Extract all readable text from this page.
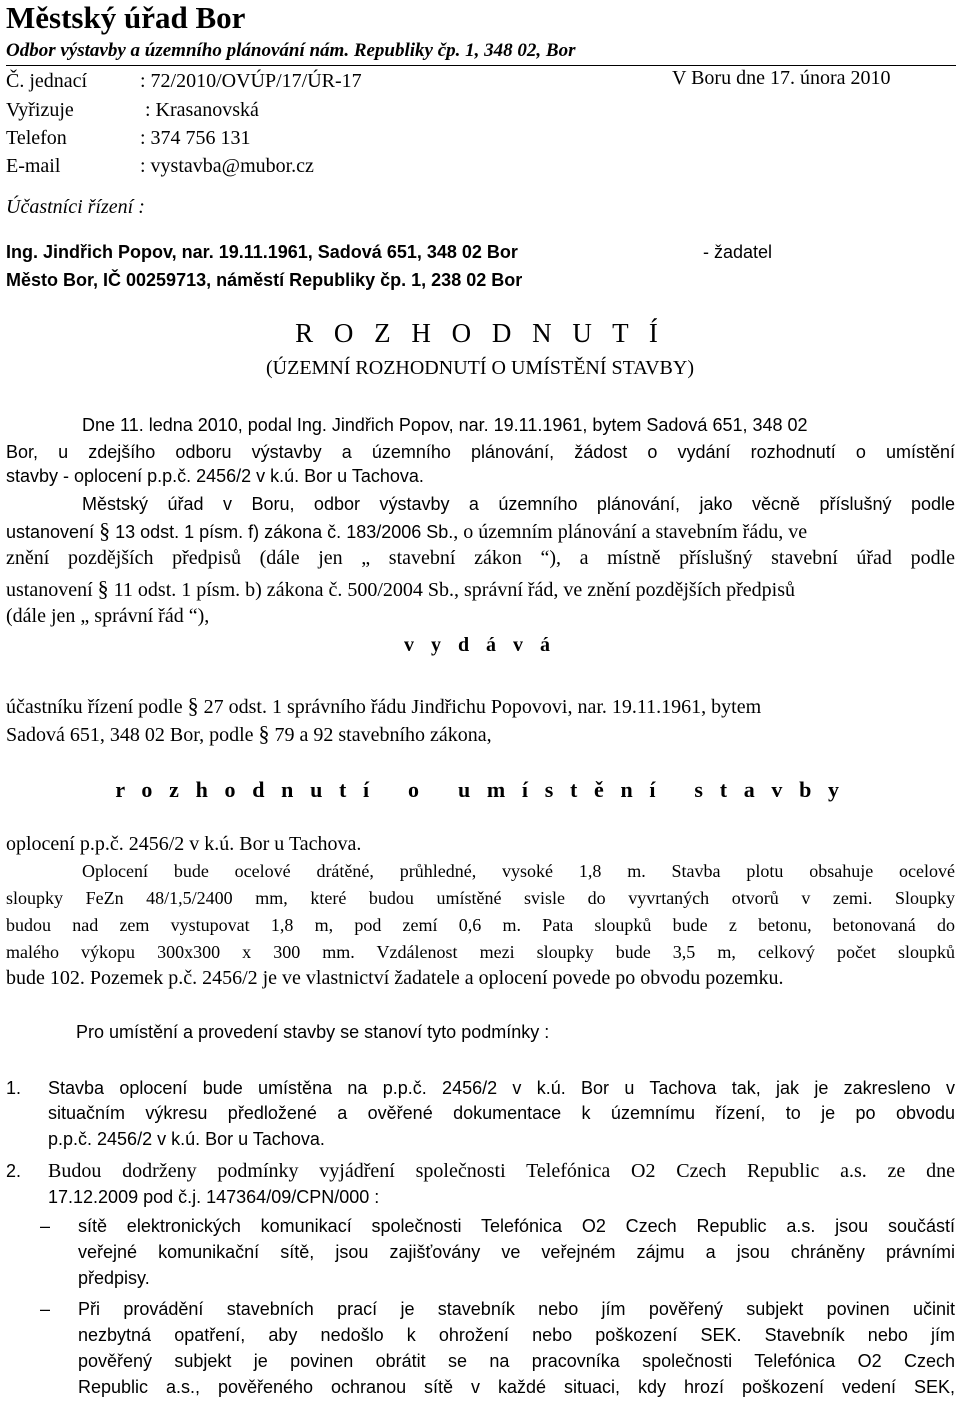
Městský úřad Bor
Odbor výstavby a územního plánování nám. Republiky čp. 1, 348 02, Bor
Č. jednací	: 72/2010/OVÚP/17/ÚR-17
Vyřizuje	: Krasanovská
Telefon	: 374 756 131
E-mail	: vystavba@mubor.cz
V Boru dne 17. února 2010
Účastníci řízení :
Ing. Jindřich Popov, nar. 19.11.1961, Sadová 651, 348 02 Bor	- žadatel
Město Bor, IČ 00259713, náměstí Republiky čp. 1, 238 02 Bor
R O Z H O D N U T Í
(ÚZEMNÍ ROZHODNUTÍ O UMÍSTĚNÍ STAVBY)
Dne 11. ledna 2010, podal Ing. Jindřich Popov, nar. 19.11.1961, bytem Sadová 651, 348 02
Bor, u zdejšího odboru výstavby a územního plánování, žádost o vydání rozhodnutí o umístění
stavby - oplocení p.p.č. 2456/2 v k.ú. Bor u Tachova.
Městský úřad v Boru, odbor výstavby a územního plánování, jako věcně příslušný podle
ustanovení § 13 odst. 1 písm. f) zákona č. 183/2006 Sb., o územním plánování a stavebním řádu, ve
znění pozdějších předpisů (dále jen „ stavební zákon “), a místně příslušný stavební úřad podle
ustanovení § 11 odst. 1 písm. b) zákona č. 500/2004 Sb., správní řád, ve znění pozdějších předpisů
(dále jen „ správní řád “),
v y d á v á
účastníku řízení podle § 27 odst. 1 správního řádu Jindřichu Popovovi, nar. 19.11.1961, bytem
Sadová 651, 348 02 Bor, podle § 79 a 92 stavebního zákona,
r o z h o d n u t í   o   u m í s t ě n í   s t a v b y
oplocení p.p.č. 2456/2 v k.ú. Bor u Tachova.
Oplocení bude ocelové drátěné, průhledné, vysoké 1,8 m. Stavba plotu obsahuje ocelové
sloupky FeZn 48/1,5/2400 mm, které budou umístěné svisle do vyvrtaných otvorů v zemi. Sloupky
budou nad zem vystupovat 1,8 m, pod zemí 0,6 m. Pata sloupků bude z betonu, betonovaná do
malého výkopu 300x300 x 300 mm. Vzdálenost mezi sloupky bude 3,5 m, celkový počet sloupků
bude 102. Pozemek p.č. 2456/2 je ve vlastnictví žadatele a oplocení povede po obvodu pozemku.
Pro umístění a provedení stavby se stanoví tyto podmínky :
1. Stavba oplocení bude umístěna na p.p.č. 2456/2 v k.ú. Bor u Tachova tak, jak je zakresleno v
situačním výkresu předložené a ověřené dokumentace k územnímu řízení, to je po obvodu
p.p.č. 2456/2 v k.ú. Bor u Tachova.
2. Budou dodrženy podmínky vyjádření společnosti Telefónica O2 Czech Republic a.s. ze dne
17.12.2009 pod č.j. 147364/09/CPN/000 :
– sítě elektronických komunikací společnosti Telefónica O2 Czech Republic a.s. jsou součástí
veřejné komunikační sítě, jsou zajišťovány ve veřejném zájmu a jsou chráněny právními
předpisy.
– Při provádění stavebních prací je stavebník nebo jím pověřený subjekt povinen učinit
nezbytná opatření, aby nedošlo k ohrožení nebo poškození SEK. Stavebník nebo jím
pověřený subjekt je povinen obrátit se na pracovníka společnosti Telefónica O2 Czech
Republic a.s., pověřeného ochranou sítě v každé situaci, kdy hrozí poškození vedení SEK,
